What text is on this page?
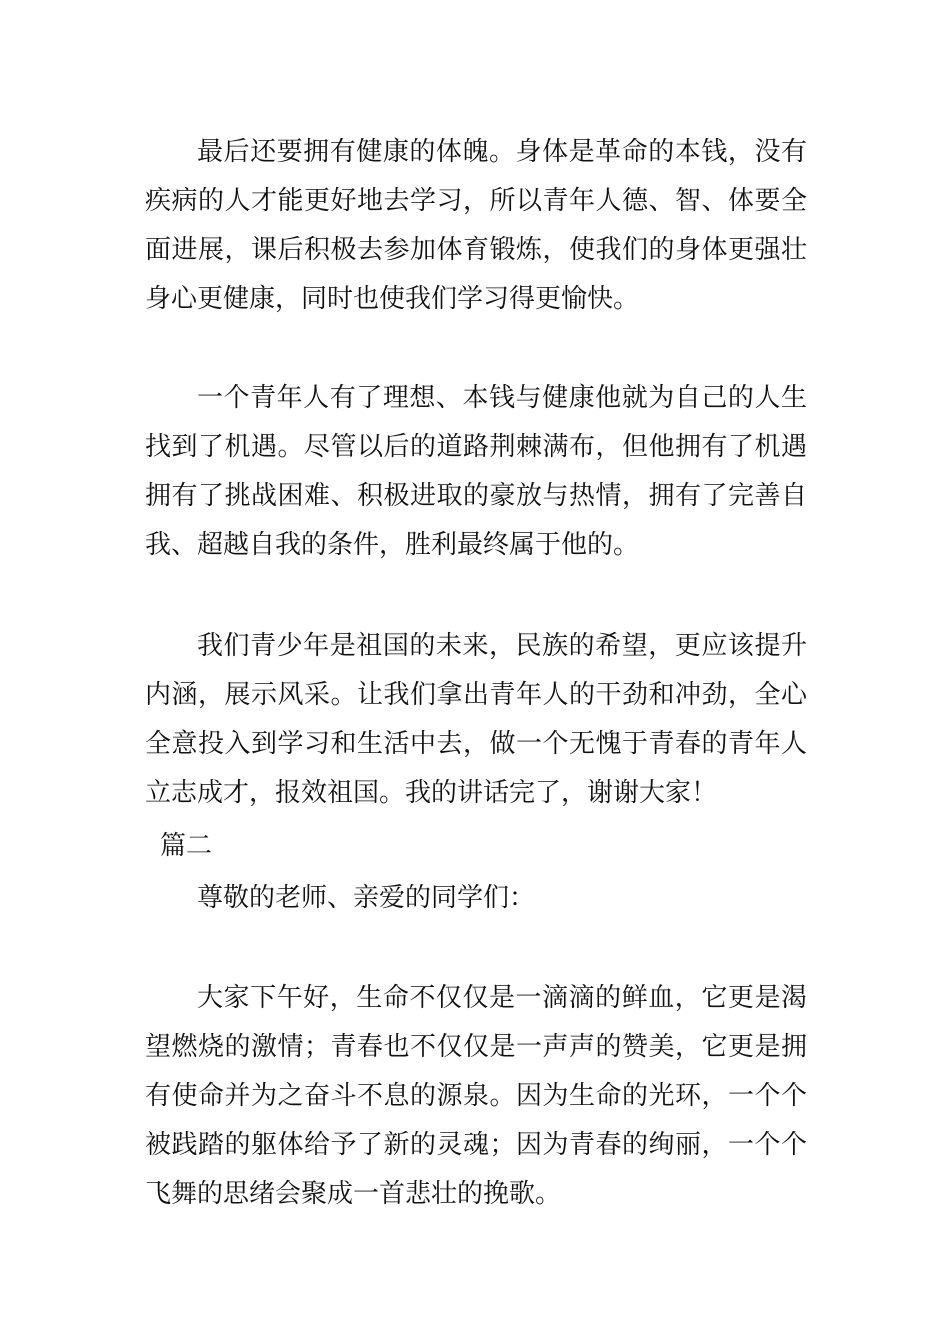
最后还要拥有健康的体魄。身体是革命的本钱，没有疾病的人才能更好地去学习，所以青年人德、智、体要全面进展，课后积极去参加体育锻炼，使我们的身体更强壮身心更健康，同时也使我们学习得更愉快。

一个青年人有了理想、本钱与健康他就为自己的人生找到了机遇。尽管以后的道路荆棘满布，但他拥有了机遇拥有了挑战困难、积极进取的豪放与热情，拥有了完善自我、超越自我的条件，胜利最终属于他的。

我们青少年是祖国的未来，民族的希望，更应该提升内涵，展示风采。让我们拿出青年人的干劲和冲劲，全心全意投入到学习和生活中去，做一个无愧于青春的青年人立志成才，报效祖国。我的讲话完了，谢谢大家！

篇二

尊敬的老师、亲爱的同学们：

大家下午好，生命不仅仅是一滴滴的鲜血，它更是渴望燃烧的激情；青春也不仅仅是一声声的赞美，它更是拥有使命并为之奋斗不息的源泉。因为生命的光环，一个个被践踏的躯体给予了新的灵魂；因为青春的绚丽，一个个飞舞的思绪会聚成一首悲壮的挽歌。
